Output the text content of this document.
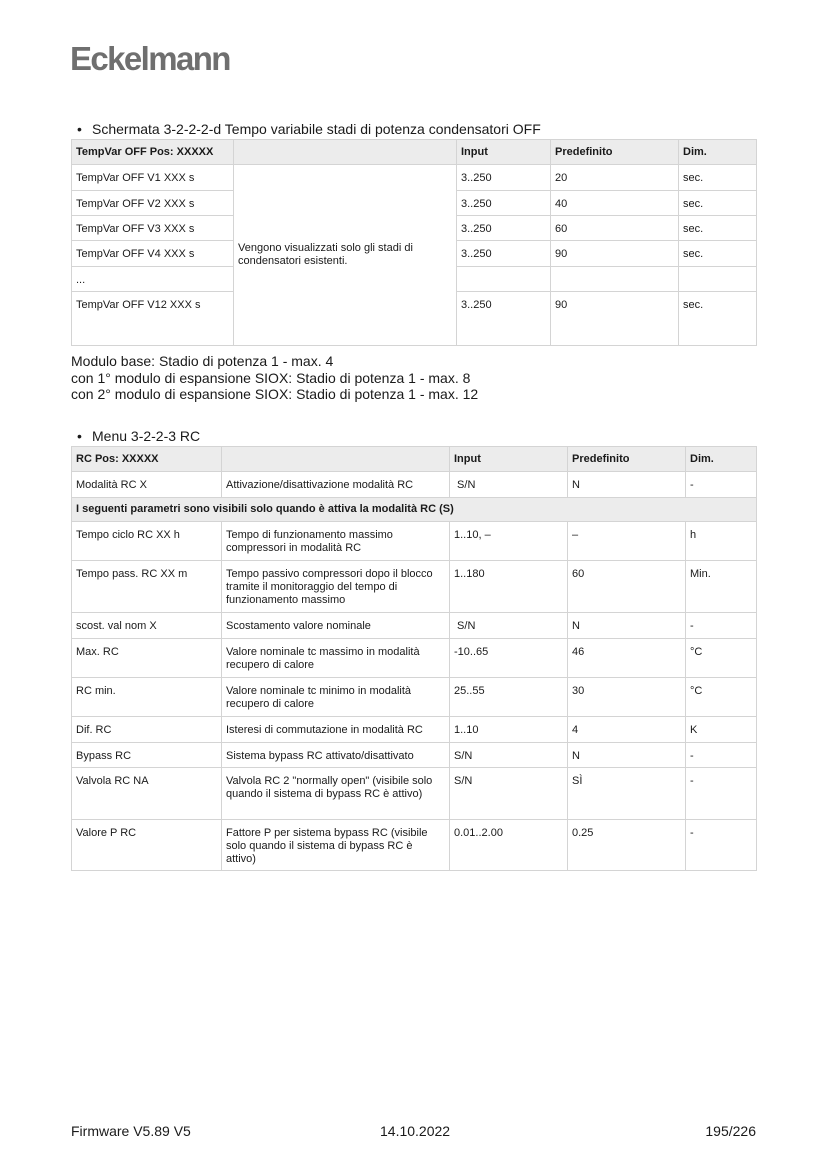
Eckelmann
• Schermata 3-2-2-2-d Tempo variabile stadi di potenza condensatori OFF
TempVar OFF Pos: XXXXX		Input	Predefinito	Dim.
TempVar OFF V1 XXX s	Vengono visualizzati solo gli stadi di condensatori esistenti.	3..250	20	sec.
TempVar OFF V2 XXX s		3..250	40	sec.
TempVar OFF V3 XXX s		3..250	60	sec.
TempVar OFF V4 XXX s		3..250	90	sec.
...				
TempVar OFF V12 XXX s		3..250	90	sec.
Modulo base: Stadio di potenza 1 - max. 4
con 1° modulo di espansione SIOX: Stadio di potenza 1 - max. 8
con 2° modulo di espansione SIOX: Stadio di potenza 1 - max. 12
• Menu 3-2-2-3 RC
RC Pos: XXXXX		Input	Predefinito	Dim.
Modalità RC X	Attivazione/disattivazione modalità RC	S/N	N	-
I seguenti parametri sono visibili solo quando è attiva la modalità RC (S)				
Tempo ciclo RC XX h	Tempo di funzionamento massimo compressori in modalità RC	1..10, –	–	h
Tempo pass. RC XX m	Tempo passivo compressori dopo il blocco tramite il monitoraggio del tempo di funzionamento massimo	1..180	60	Min.
scost. val nom X	Scostamento valore nominale	S/N	N	-
Max. RC	Valore nominale tc massimo in modalità recupero di calore	-10..65	46	°C
RC min.	Valore nominale tc minimo in modalità recupero di calore	25..55	30	°C
Dif. RC	Isteresi di commutazione in modalità RC	1..10	4	K
Bypass RC	Sistema bypass RC attivato/disattivato	S/N	N	-
Valvola RC NA	Valvola RC 2 "normally open" (visibile solo quando il sistema di bypass RC è attivo)	S/N	SÌ	-
Valore P RC	Fattore P per sistema bypass RC (visibile solo quando il sistema di bypass RC è attivo)	0.01..2.00	0.25	-
Firmware V5.89 V5	14.10.2022	195/226
